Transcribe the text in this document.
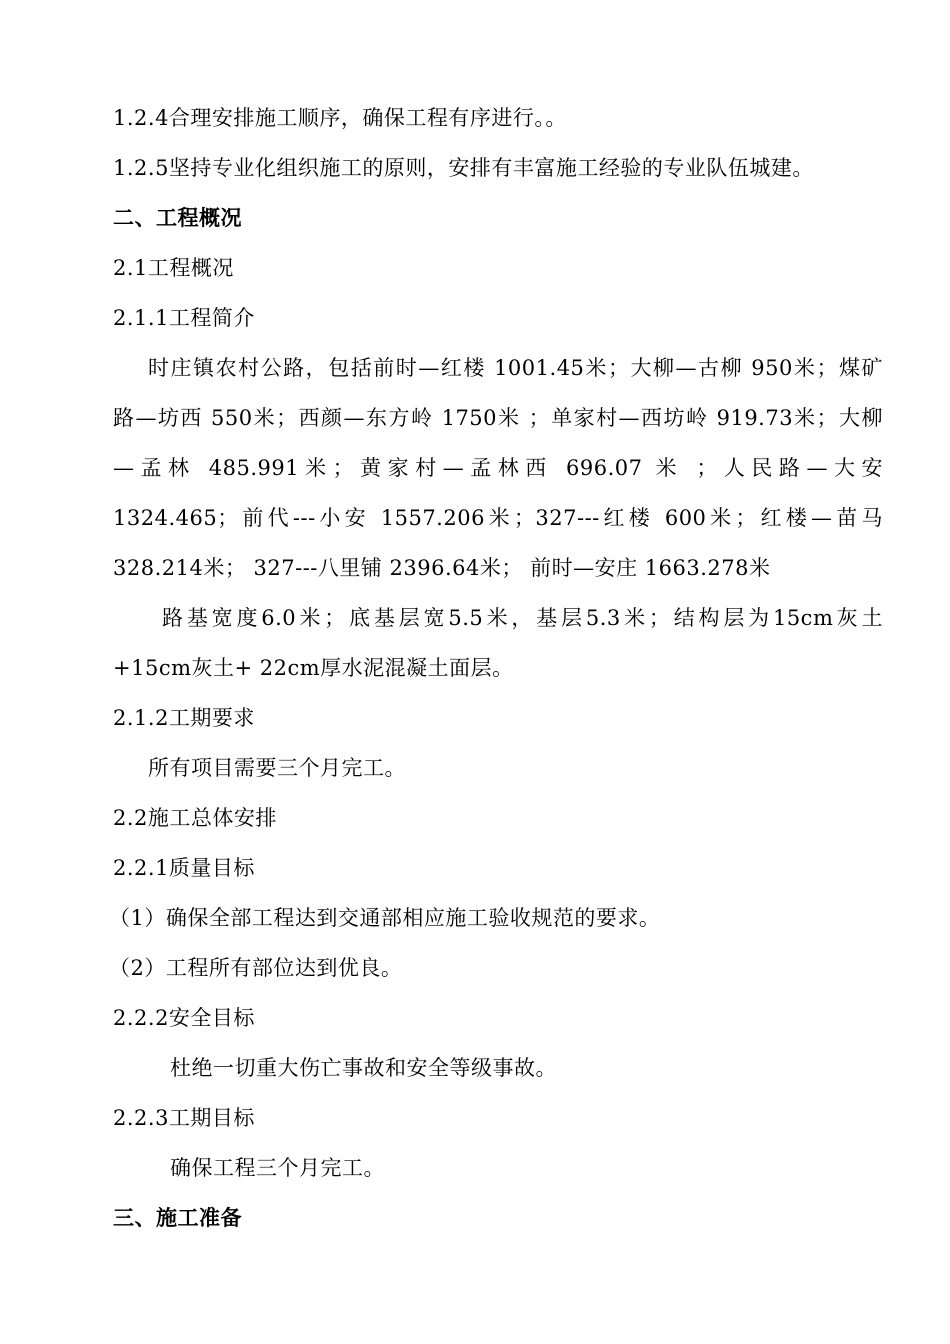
1.2.4合理安排施工顺序，确保工程有序进行。。
1.2.5坚持专业化组织施工的原则，安排有丰富施工经验的专业队伍城建。
二、工程概况
2.1工程概况
2.1.1工程简介
时庄镇农村公路，包括前时—红楼 1001.45米；大柳—古柳 950米；煤矿
路—坊西 550米；西颜—东方岭 1750米 ；单家村—西坊岭 919.73米；大柳
—孟林 485.991米；黄家村—孟林西 696.07 米 ；人民路—大安
1324.465；前代---小安 1557.206米；327---红楼 600米；红楼—苗马
328.214米； 327---八里铺 2396.64米； 前时—安庄 1663.278米
路基宽度6.0米；底基层宽5.5米，基层5.3米；结构层为15cm灰土
+15cm灰土+ 22cm厚水泥混凝土面层。
2.1.2工期要求
所有项目需要三个月完工。
2.2施工总体安排
2.2.1质量目标
（1）确保全部工程达到交通部相应施工验收规范的要求。
（2）工程所有部位达到优良。
2.2.2安全目标
杜绝一切重大伤亡事故和安全等级事故。
2.2.3工期目标
确保工程三个月完工。
三、施工准备
